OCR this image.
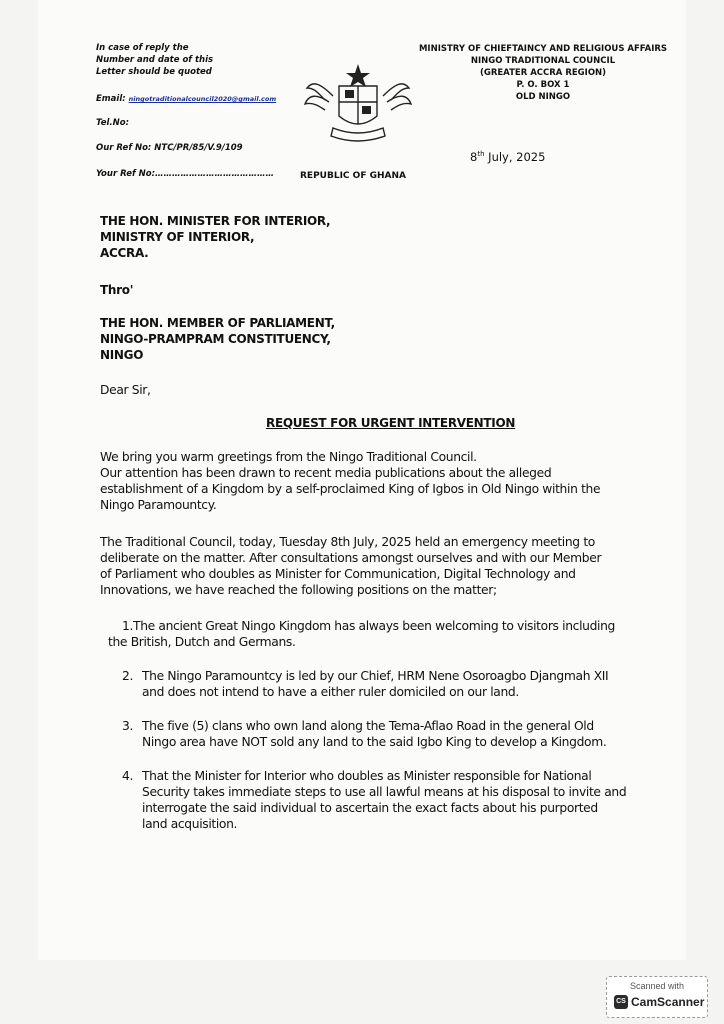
In case of reply the
Number and date of this
Letter should be quoted
Email: ningotraditionalcouncil2020@gmail.com
Tel.No:
Our Ref No: NTC/PR/85/V.9/109
Your Ref No:……………………………………	REPUBLIC OF GHANA
MINISTRY OF CHIEFTAINCY AND RELIGIOUS AFFAIRS
NINGO TRADITIONAL COUNCIL
(GREATER ACCRA REGION)
P. O. BOX 1
OLD NINGO
8th July, 2025
THE HON. MINISTER FOR INTERIOR,
MINISTRY OF INTERIOR,
ACCRA.
Thro'
THE HON. MEMBER OF PARLIAMENT,
NINGO-PRAMPRAM CONSTITUENCY,
NINGO
Dear Sir,
REQUEST FOR URGENT INTERVENTION
We bring you warm greetings from the Ningo Traditional Council.
Our attention has been drawn to recent media publications about the alleged
establishment of a Kingdom by a self-proclaimed King of Igbos in Old Ningo within the
Ningo Paramountcy.
The Traditional Council, today, Tuesday 8th July, 2025 held an emergency meeting to
deliberate on the matter. After consultations amongst ourselves and with our Member
of Parliament who doubles as Minister for Communication, Digital Technology and
Innovations, we have reached the following positions on the matter;
1.The ancient Great Ningo Kingdom has always been welcoming to visitors including
the British, Dutch and Germans.
2. The Ningo Paramountcy is led by our Chief, HRM Nene Osoroagbo Djangmah XII
and does not intend to have a either ruler domiciled on our land.
3. The five (5) clans who own land along the Tema-Aflao Road in the general Old
Ningo area have NOT sold any land to the said Igbo King to develop a Kingdom.
4. That the Minister for Interior who doubles as Minister responsible for National
Security takes immediate steps to use all lawful means at his disposal to invite and
interrogate the said individual to ascertain the exact facts about his purported
land acquisition.
Scanned with
CS CamScanner
